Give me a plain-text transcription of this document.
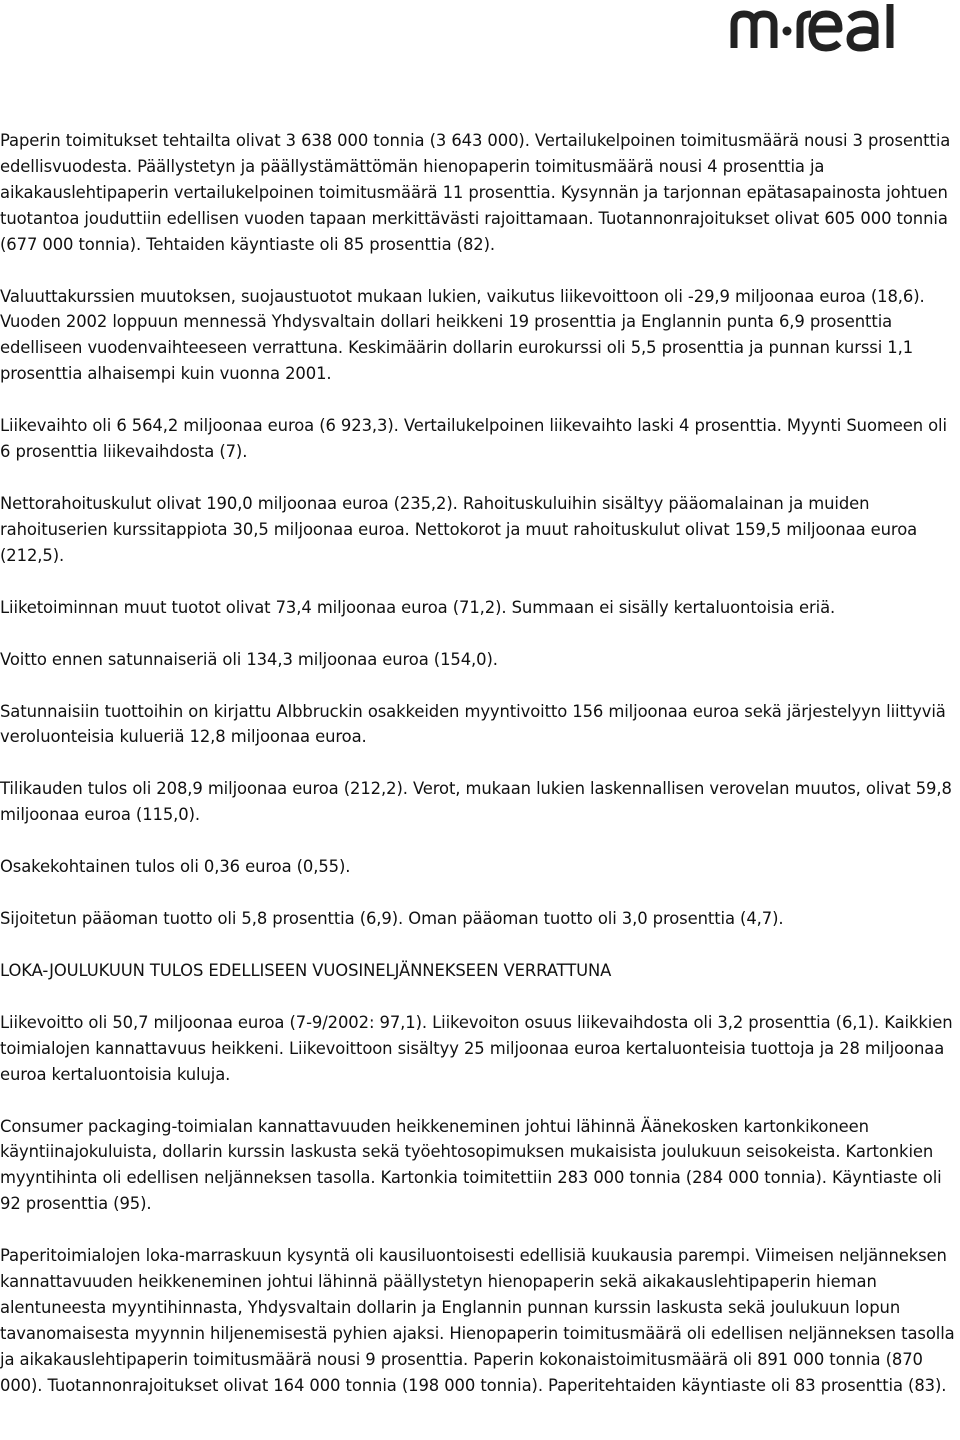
Paperin toimitukset tehtailta olivat 3 638 000 tonnia (3 643 000). Vertailukelpoinen toimitusmäärä nousi 3 prosenttia edellisvuodesta. Päällystetyn ja päällystämättömän hienopaperin toimitusmäärä nousi 4 prosenttia ja aikakauslehtipaperin vertailukelpoinen toimitusmäärä 11 prosenttia. Kysynnän ja tarjonnan epätasapainosta johtuen tuotantoa jouduttiin edellisen vuoden tapaan merkittävästi rajoittamaan. Tuotannonrajoitukset olivat 605 000 tonnia (677 000 tonnia). Tehtaiden käyntiaste oli 85 prosenttia (82).

Valuuttakurssien muutoksen, suojaustuotot mukaan lukien, vaikutus liikevoittoon oli -29,9 miljoonaa euroa (18,6). Vuoden 2002 loppuun mennessä Yhdysvaltain dollari heikkeni 19 prosenttia ja Englannin punta 6,9 prosenttia edelliseen vuodenvaihteeseen verrattuna. Keskimäärin dollarin eurokurssi oli 5,5 prosenttia ja punnan kurssi 1,1 prosenttia alhaisempi kuin vuonna 2001.

Liikevaihto oli 6 564,2 miljoonaa euroa (6 923,3). Vertailukelpoinen liikevaihto laski 4 prosenttia. Myynti Suomeen oli 6 prosenttia liikevaihdosta (7).

Nettorahoituskulut olivat 190,0 miljoonaa euroa (235,2). Rahoituskuluihin sisältyy pääomalainan ja muiden rahoituserien kurssitappiota 30,5 miljoonaa euroa. Nettokorot ja muut rahoituskulut olivat 159,5 miljoonaa euroa (212,5).

Liiketoiminnan muut tuotot olivat 73,4 miljoonaa euroa (71,2). Summaan ei sisälly kertaluontoisia eriä.

Voitto ennen satunnaiseriä oli 134,3 miljoonaa euroa (154,0).

Satunnaisiin tuottoihin on kirjattu Albbruckin osakkeiden myyntivoitto 156 miljoonaa euroa sekä järjestelyyn liittyviä veroluonteisia kulueriä 12,8 miljoonaa euroa.

Tilikauden tulos oli 208,9 miljoonaa euroa (212,2). Verot, mukaan lukien laskennallisen verovelan muutos, olivat 59,8 miljoonaa euroa (115,0).

Osakekohtainen tulos oli 0,36 euroa (0,55).

Sijoitetun pääoman tuotto oli 5,8 prosenttia (6,9). Oman pääoman tuotto oli 3,0 prosenttia (4,7).

LOKA-JOULUKUUN TULOS EDELLISEEN VUOSINELJÄNNEKSEEN VERRATTUNA

Liikevoitto oli 50,7 miljoonaa euroa (7-9/2002: 97,1). Liikevoiton osuus liikevaihdosta oli 3,2 prosenttia (6,1). Kaikkien toimialojen kannattavuus heikkeni. Liikevoittoon sisältyy 25 miljoonaa euroa kertaluonteisia tuottoja ja 28 miljoonaa euroa kertaluontoisia kuluja.

Consumer packaging-toimialan kannattavuuden heikkeneminen johtui lähinnä Äänekosken kartonkikoneen käyntiinajokuluista, dollarin kurssin laskusta sekä työehtosopimuksen mukaisista joulukuun seisokeista. Kartonkien myyntihinta oli edellisen neljänneksen tasolla. Kartonkia toimitettiin 283 000 tonnia (284 000 tonnia). Käyntiaste oli 92 prosenttia (95).

Paperitoimialojen loka-marraskuun kysyntä oli kausiluontoisesti edellisiä kuukausia parempi. Viimeisen neljänneksen kannattavuuden heikkeneminen johtui lähinnä päällystetyn hienopaperin sekä aikakauslehtipaperin hieman alentuneesta myyntihinnasta, Yhdysvaltain dollarin ja Englannin punnan kurssin laskusta sekä joulukuun lopun tavanomaisesta myynnin hiljenemisestä pyhien ajaksi. Hienopaperin toimitusmäärä oli edellisen neljänneksen tasolla ja aikakauslehtipaperin toimitusmäärä nousi 9 prosenttia. Paperin kokonaistoimitusmäärä oli 891 000 tonnia (870 000). Tuotannonrajoitukset olivat 164 000 tonnia (198 000 tonnia). Paperitehtaiden käyntiaste oli 83 prosenttia (83).
